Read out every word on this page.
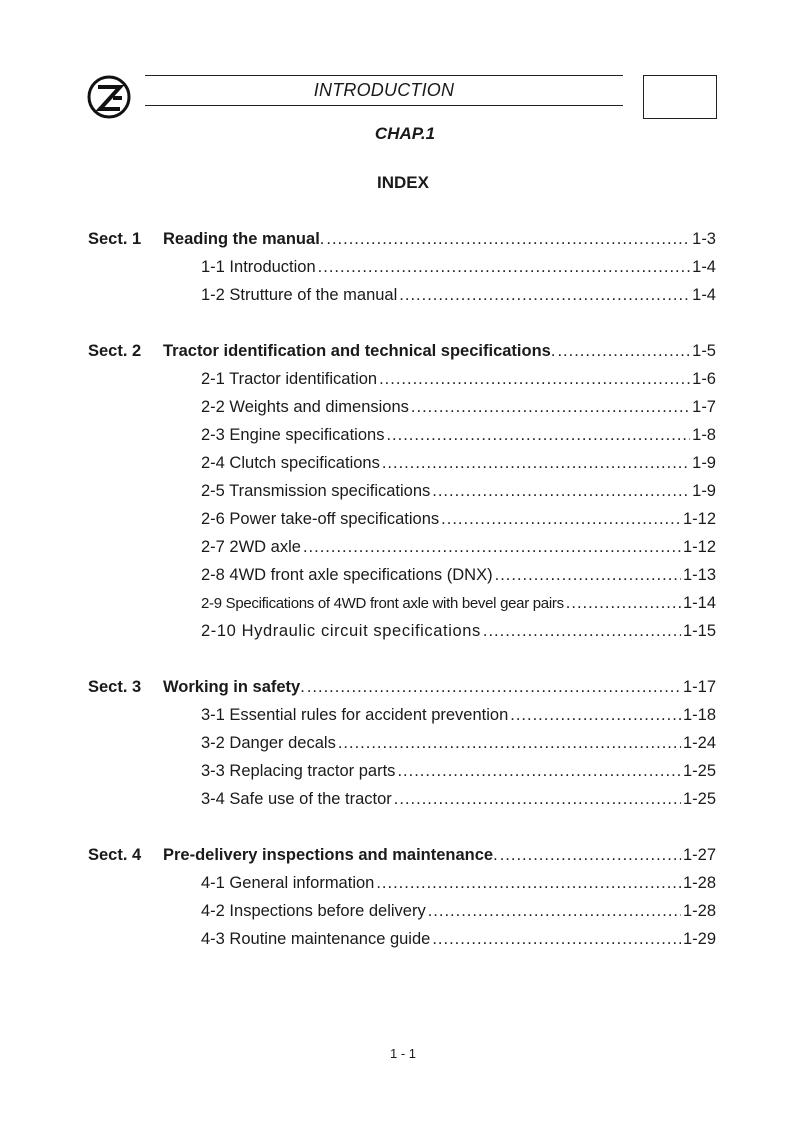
INTRODUCTION
CHAP.1
INDEX
Sect. 1	Reading the manual. .....	1-3
1-1 Introduction .....	1-4
1-2 Strutture of the manual .....	1-4
Sect. 2	Tractor identification and technical specifications. .....	1-5
2-1 Tractor identification .....	1-6
2-2 Weights and dimensions .....	1-7
2-3 Engine specifications .....	1-8
2-4 Clutch specifications .....	1-9
2-5 Transmission specifications .....	1-9
2-6 Power take-off specifications .....	1-12
2-7 2WD axle .....	1-12
2-8 4WD front axle specifications (DNX) .....	1-13
2-9 Specifications of 4WD front axle with bevel gear pairs .....	1-14
2-10 Hydraulic circuit specifications .....	1-15
Sect. 3	Working in safety. .....	1-17
3-1 Essential rules for accident prevention .....	1-18
3-2 Danger decals .....	1-24
3-3 Replacing tractor parts .....	1-25
3-4 Safe use of the tractor .....	1-25
Sect. 4	Pre-delivery inspections and maintenance. .....	1-27
4-1 General information .....	1-28
4-2 Inspections before delivery .....	1-28
4-3 Routine maintenance guide .....	1-29
1 - 1
